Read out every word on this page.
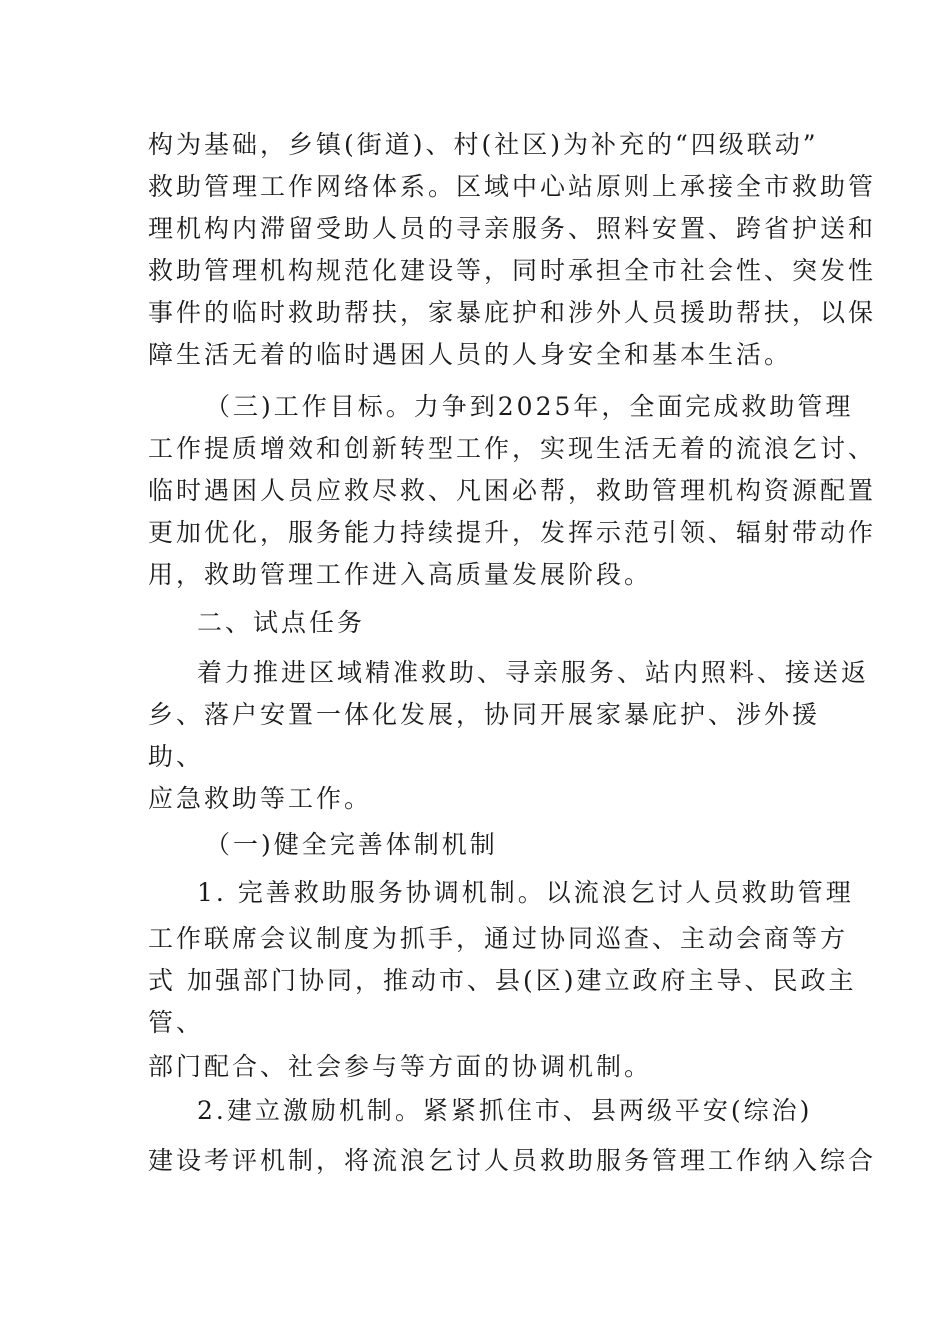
构为基础，乡镇(街道)、村(社区)为补充的“四级联动”

救助管理工作网络体系。区域中心站原则上承接全市救助管

理机构内滞留受助人员的寻亲服务、照料安置、跨省护送和

救助管理机构规范化建设等，同时承担全市社会性、突发性

事件的临时救助帮扶，家暴庇护和涉外人员援助帮扶，以保

障生活无着的临时遇困人员的人身安全和基本生活。

（三)工作目标。力争到2025年，全面完成救助管理

工作提质增效和创新转型工作，实现生活无着的流浪乞讨、

临时遇困人员应救尽救、凡困必帮，救助管理机构资源配置

更加优化，服务能力持续提升，发挥示范引领、辐射带动作

用，救助管理工作进入高质量发展阶段。

二、试点任务

着力推进区域精准救助、寻亲服务、站内照料、接送返

乡、落户安置一体化发展，协同开展家暴庇护、涉外援

助、

应急救助等工作。

（一)健全完善体制机制

1. 完善救助服务协调机制。以流浪乞讨人员救助管理

工作联席会议制度为抓手，通过协同巡查、主动会商等方

式 加强部门协同，推动市、县(区)建立政府主导、民政主

管、

部门配合、社会参与等方面的协调机制。

2.建立激励机制。紧紧抓住市、县两级平安(综治)

建设考评机制，将流浪乞讨人员救助服务管理工作纳入综合
